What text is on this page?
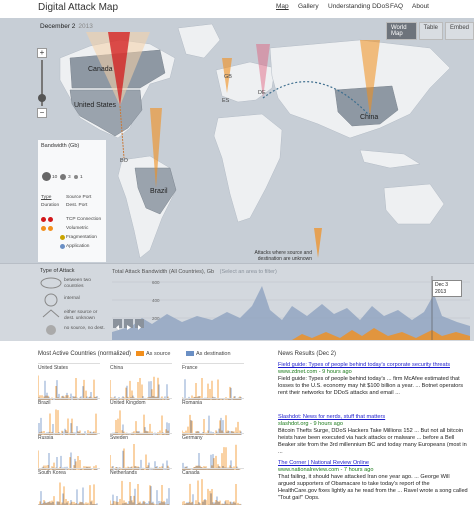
Digital Attack Map	Map Gallery Understanding DDoS FAQ About
December 2 2013	World Map
Table	Embed
+
−
Canada
United States
China
Brazil
GB
ES
DE
BO
Attacks where source and destination are unknown
Bandwidth (Gb)
10 3 1
Type	Source Port
Duration Dest. Port
TCP Connection
Volumetric
Fragmentation
Application
Type of Attack
between two countries
internal
either source or dest. unknown
no source, no dest.
Total Attack Bandwidth (All Countries), Gb (Select an area to filter)
600
400
200
Dec 3
2013
Most Active Countries (normalized)	As source	As destination
United States	China	France
Brazil	United Kingdom	Romania
Russia	Sweden	Germany
South Korea	Netherlands	Canada
News Results (Dec 2)
Field guide: Types of people behind today's corporate security threats
www.zdnet.com - 9 hours ago
Field guide: Types of people behind today's ... firm McAfee estimated that losses to the U.S. economy may hit $100 billion a year. ... Botnet operators rent their networks for DDoS attacks and email ...
Slashdot: News for nerds, stuff that matters
slashdot.org - 9 hours ago
Bitcoin Thefts Surge, DDoS Hackers Take Millions 152 ... But not all bitcoin heists have been executed via hack attacks or malware ... before a Bell Beaker site from the 3rd millennium BC and today many Europeans (most in ...
The Corner | National Review Online
www.nationalreview.com - 7 hours ago
That failing, it should have attacked Iran one year ago. ... George Will argued supporters of Obamacare to take today's report of the HealthCare.gov fixes lightly as he read from the ... Ravel wrote a song called "Tout gai!" Oops.
